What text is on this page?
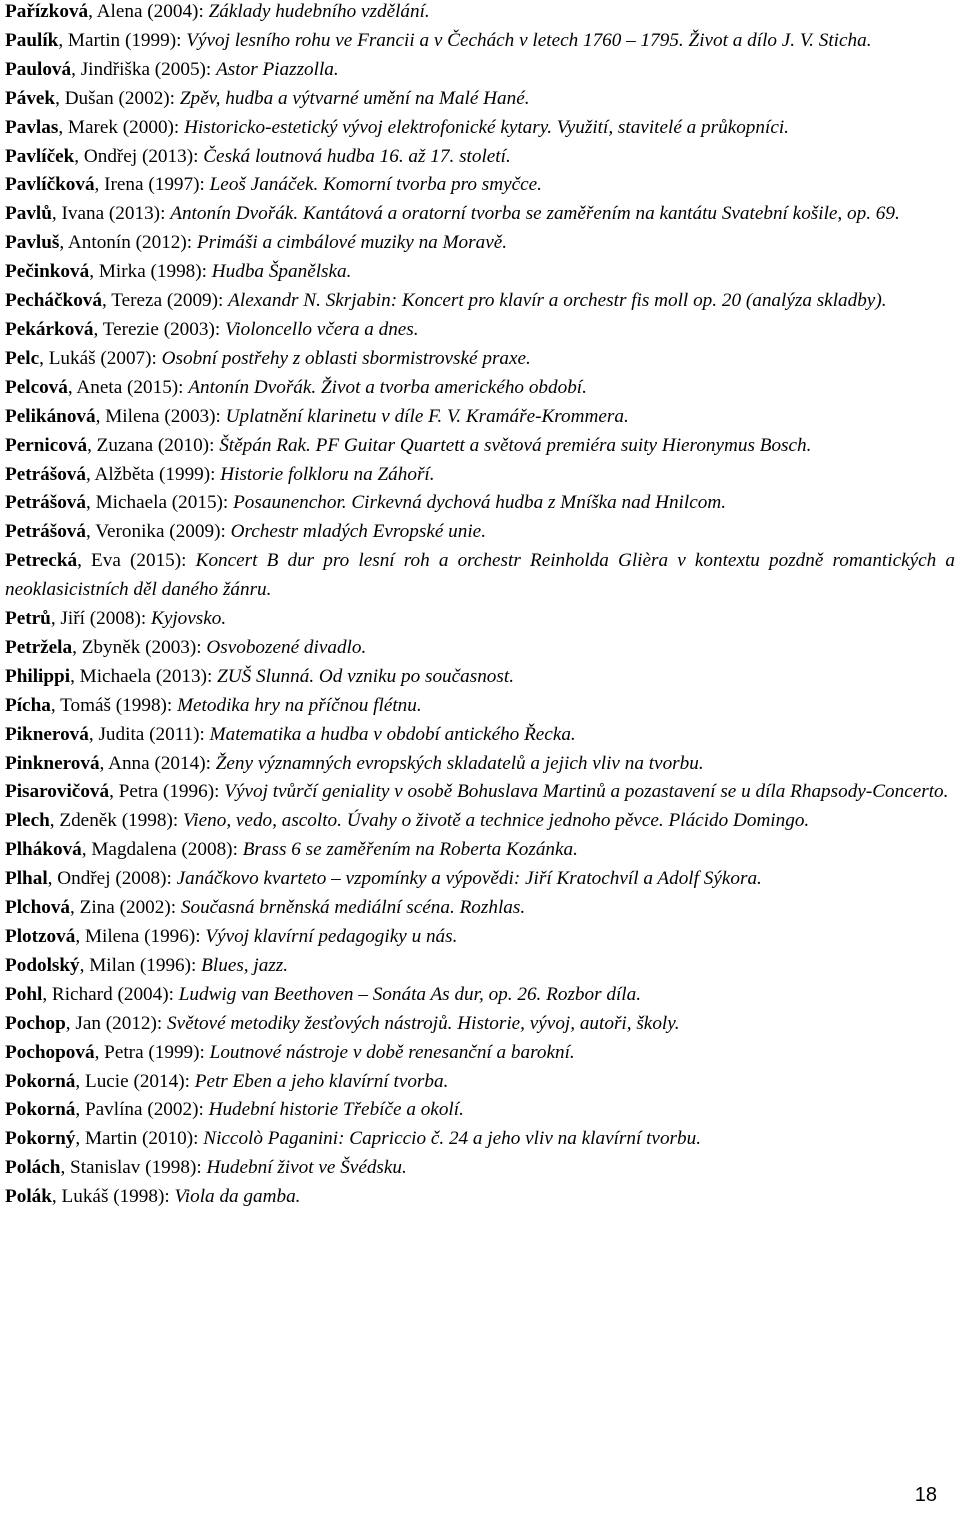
Pařízková, Alena (2004): Základy hudebního vzdělání.

Paulík, Martin (1999): Vývoj lesního rohu ve Francii a v Čechách v letech 1760 – 1795. Život a dílo J. V. Sticha.

Paulová, Jindřiška (2005): Astor Piazzolla.

Pávek, Dušan (2002): Zpěv, hudba a výtvarné umění na Malé Hané.

Pavlas, Marek (2000): Historicko-estetický vývoj elektrofonické kytary. Využití, stavitelé a průkopníci.

Pavlíček, Ondřej (2013): Česká loutnová hudba 16. až 17. století.

Pavlíčková, Irena (1997): Leoš Janáček. Komorní tvorba pro smyčce.

Pavlů, Ivana (2013): Antonín Dvořák. Kantátová a oratorní tvorba se zaměřením na kantátu Svatební košile, op. 69.

Pavluš, Antonín (2012): Primáši a cimbálové muziky na Moravě.

Pečinková, Mirka (1998): Hudba Španělska.

Pecháčková, Tereza (2009): Alexandr N. Skrjabin: Koncert pro klavír a orchestr fis moll op. 20 (analýza skladby).

Pekárková, Terezie (2003): Violoncello včera a dnes.

Pelc, Lukáš (2007): Osobní postřehy z oblasti sbormistrovské praxe.

Pelcová, Aneta (2015): Antonín Dvořák. Život a tvorba amerického období.

Pelikánová, Milena (2003): Uplatnění klarinetu v díle F. V. Kramáře-Krommera.

Pernicová, Zuzana (2010): Štěpán Rak. PF Guitar Quartett a světová premiéra suity Hieronymus Bosch.

Petrášová, Alžběta (1999): Historie folkloru na Záhoří.

Petrášová, Michaela (2015): Posaunenchor. Cirkevná dychová hudba z Mníška nad Hnilcom.

Petrášová, Veronika (2009): Orchestr mladých Evropské unie.

Petrecká, Eva (2015): Koncert B dur pro lesní roh a orchestr Reinholda Glièra v kontextu pozdně romantických a neoklasicistních děl daného žánru.

Petrů, Jiří (2008): Kyjovsko.

Petržela, Zbyněk (2003): Osvobozené divadlo.

Philippi, Michaela (2013): ZUŠ Slunná. Od vzniku po současnost.

Pícha, Tomáš (1998): Metodika hry na příčnou flétnu.

Piknerová, Judita (2011): Matematika a hudba v období antického Řecka.

Pinknerová, Anna (2014): Ženy významných evropských skladatelů a jejich vliv na tvorbu.

Pisarovičová, Petra (1996): Vývoj tvůrčí geniality v osobě Bohuslava Martinů a pozastavení se u díla Rhapsody-Concerto.

Plech, Zdeněk (1998): Vieno, vedo, ascolto. Úvahy o životě a technice jednoho pěvce. Plácido Domingo.

Plháková, Magdalena (2008): Brass 6 se zaměřením na Roberta Kozánka.

Plhal, Ondřej (2008): Janáčkovo kvarteto – vzpomínky a výpovědi: Jiří Kratochvíl a Adolf Sýkora.

Plchová, Zina (2002): Současná brněnská mediální scéna. Rozhlas.

Plotzová, Milena (1996): Vývoj klavírní pedagogiky u nás.

Podolský, Milan (1996): Blues, jazz.

Pohl, Richard (2004): Ludwig van Beethoven – Sonáta As dur, op. 26. Rozbor díla.

Pochop, Jan (2012): Světové metodiky žesťových nástrojů. Historie, vývoj, autoři, školy.

Pochopová, Petra (1999): Loutnové nástroje v době renesanční a barokní.

Pokorná, Lucie (2014): Petr Eben a jeho klavírní tvorba.

Pokorná, Pavlína (2002): Hudební historie Třebíče a okolí.

Pokorný, Martin (2010): Niccolò Paganini: Capriccio č. 24 a jeho vliv na klavírní tvorbu.

Polách, Stanislav (1998): Hudební život ve Švédsku.

Polák, Lukáš (1998): Viola da gamba.

18
